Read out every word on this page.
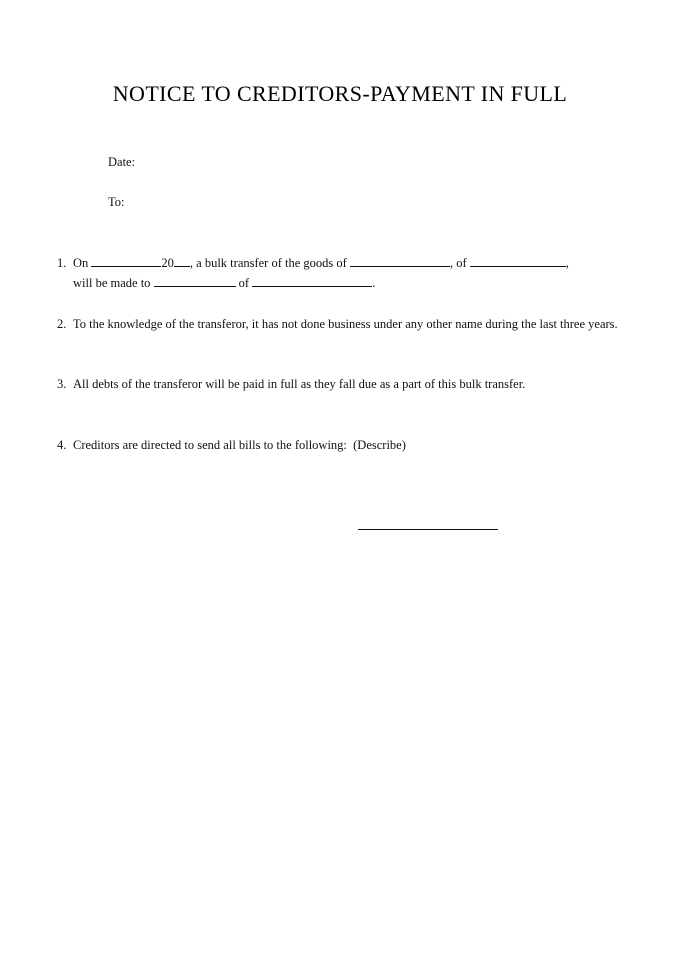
NOTICE TO CREDITORS-PAYMENT IN FULL
Date:
To:
1. On	20 , a bulk transfer of the goods of	, of	,
will be made to	of	.
2. To the knowledge of the transferor, it has not done business under any other name during the last three years.
3. All debts of the transferor will be paid in full as they fall due as a part of this bulk transfer.
4. Creditors are directed to send all bills to the following:  (Describe)
